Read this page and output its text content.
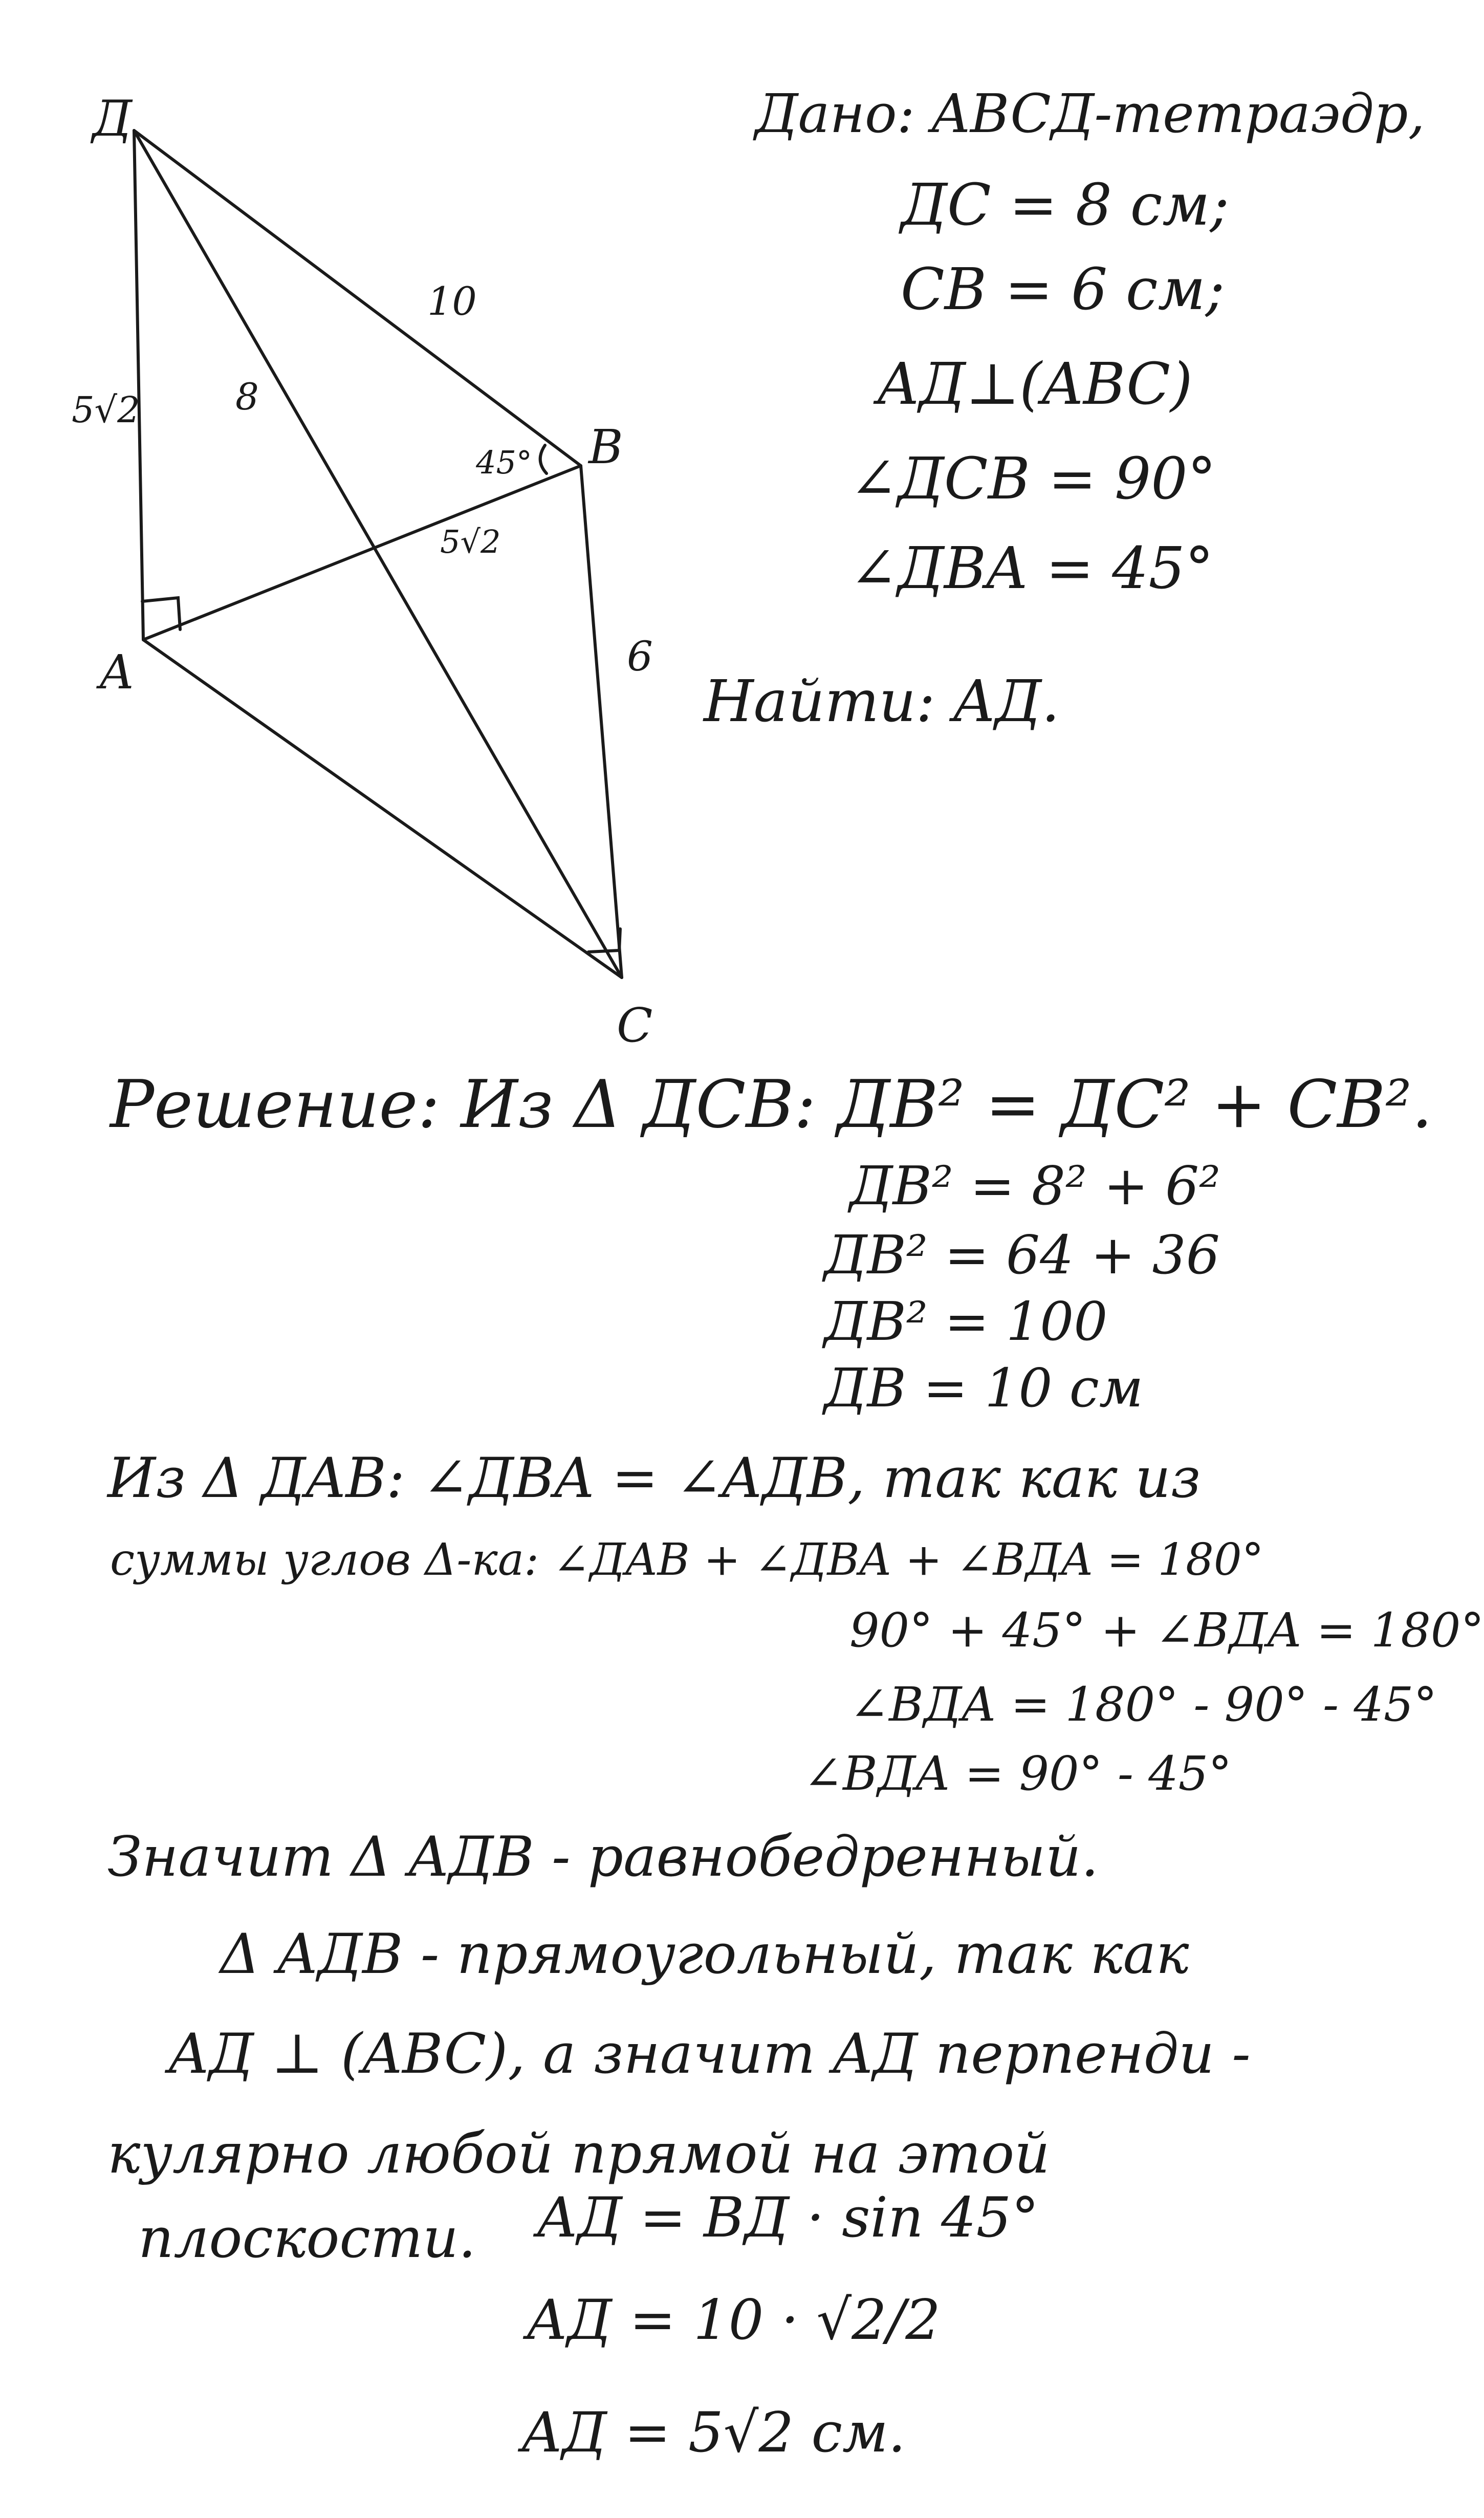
Д
B
A
C
5√2	8
10
45°
5√2
6
Дано: ABCД-тетраэдр,
ДC = 8 см;
CB = 6 см;
AД⊥(ABC)
∠ДCB = 90°
∠ДBA = 45°
Найти: AД.
Решение: Из Δ ДCB: ДB² = ДC² + CB².
ДB² = 8² + 6²
ДB² = 64 + 36
ДB² = 100
ДB = 10 см
Из Δ ДAB: ∠ДBA = ∠AДB, так как из
суммы углов Δ-ка: ∠ДAB + ∠ДBA + ∠BДA = 180°
90° + 45° + ∠BДA = 180°
∠BДA = 180° - 90° - 45°
∠BДA = 90° - 45°
Значит Δ AДB - равнобедренный.
Δ AДB - прямоугольный, так как
AД ⊥ (ABC), а значит AД перпенди -
кулярно любой прямой на этой
плоскости. AД = BД · sin 45°
AД = 10 · √2/2
AД = 5√2 см.
